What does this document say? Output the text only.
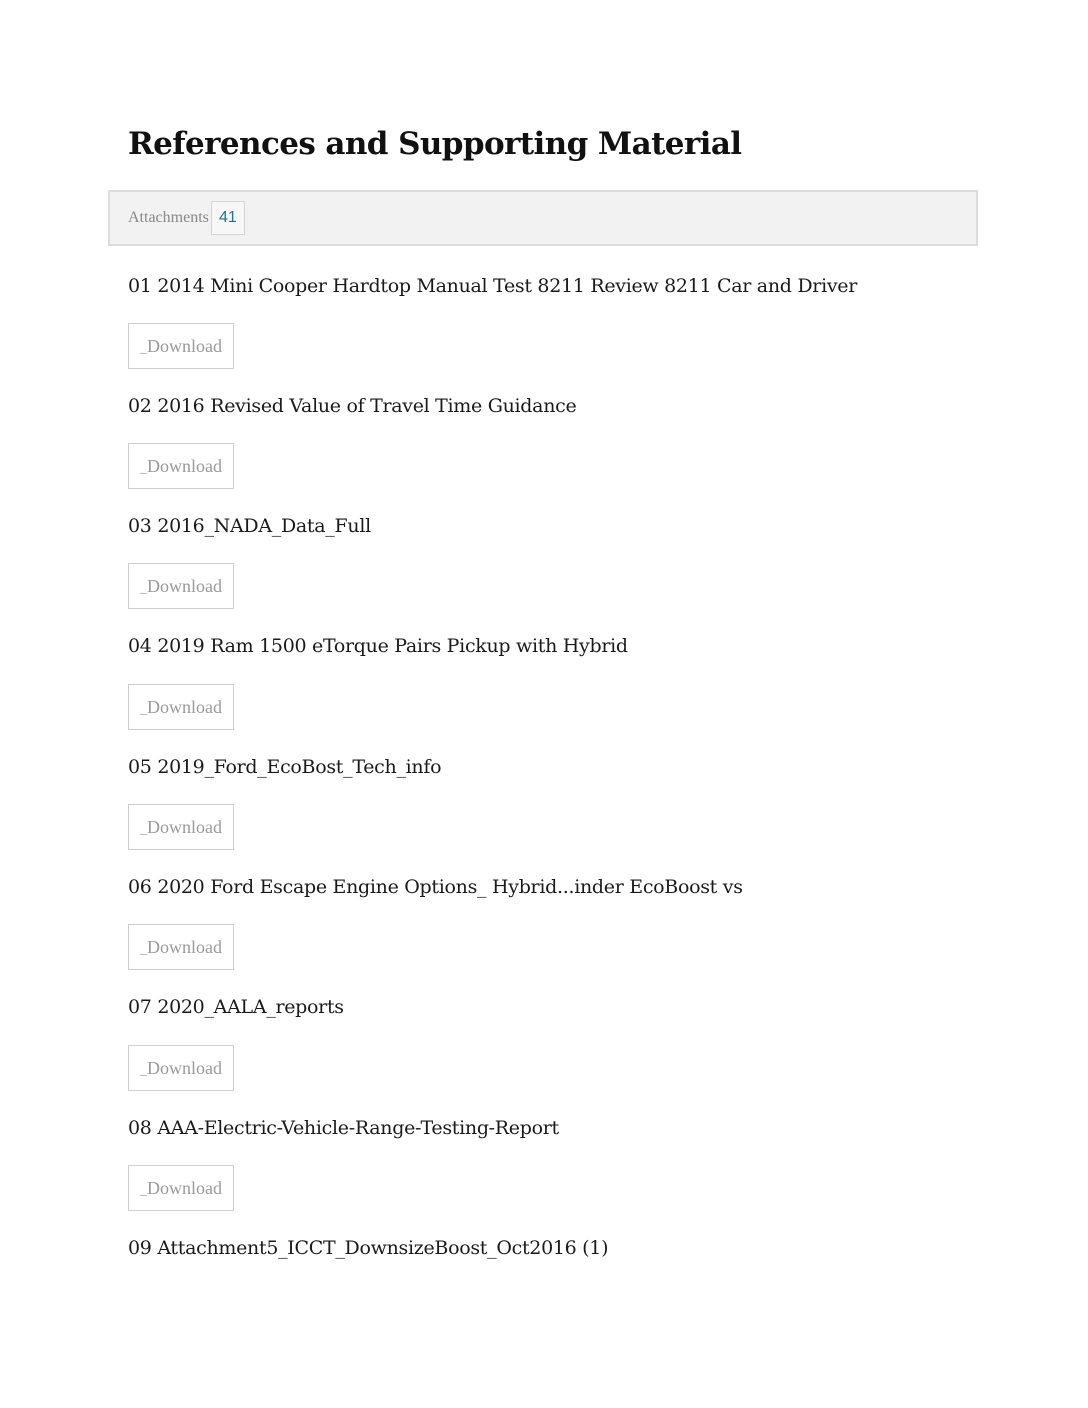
References and Supporting Material
Attachments 41

01 2014 Mini Cooper Hardtop Manual Test 8211 Review 8211 Car and Driver

_ Download

02 2016 Revised Value of Travel Time Guidance

_ Download

03 2016_NADA_Data_Full

_ Download

04 2019 Ram 1500 eTorque Pairs Pickup with Hybrid

_ Download

05 2019_Ford_EcoBost_Tech_info

_ Download

06 2020 Ford Escape Engine Options_ Hybrid...inder EcoBoost vs

_ Download

07 2020_AALA_reports

_ Download

08 AAA-Electric-Vehicle-Range-Testing-Report

_ Download

09 Attachment5_ICCT_DownsizeBoost_Oct2016 (1)
